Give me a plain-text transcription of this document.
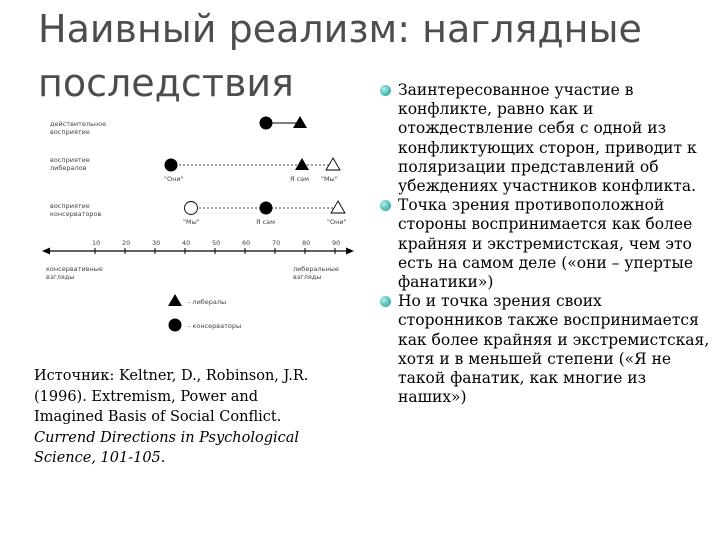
Наивный реализм: наглядные
последствия
действительное
восприятие
восприятие
либералов
восприятие
консерваторов
"Они"	Я сам "Мы"
"Мы"	Я сам	"Они"
10	20	30	40	50	60	70	80	90
консервативные
взгляды
либеральные
взгляды
- либералы
- консерваторы

Источник: Keltner, D., Robinson, J.R.
(1996). Extremism, Power and
Imagined Basis of Social Conflict.
Currend Directions in Psychological
Science, 101-105.

Заинтересованное участие в конфликте, равно как и отождествление себя с одной из конфликтующих сторон, приводит к поляризации представлений об убеждениях участников конфликта.
Точка зрения противоположной стороны воспринимается как более крайняя и экстремистская, чем это есть на самом деле («они – упертые фанатики»)
Но и точка зрения своих сторонников также воспринимается как более крайняя и экстремистская, хотя и в меньшей степени («Я не такой фанатик, как многие из наших»)
